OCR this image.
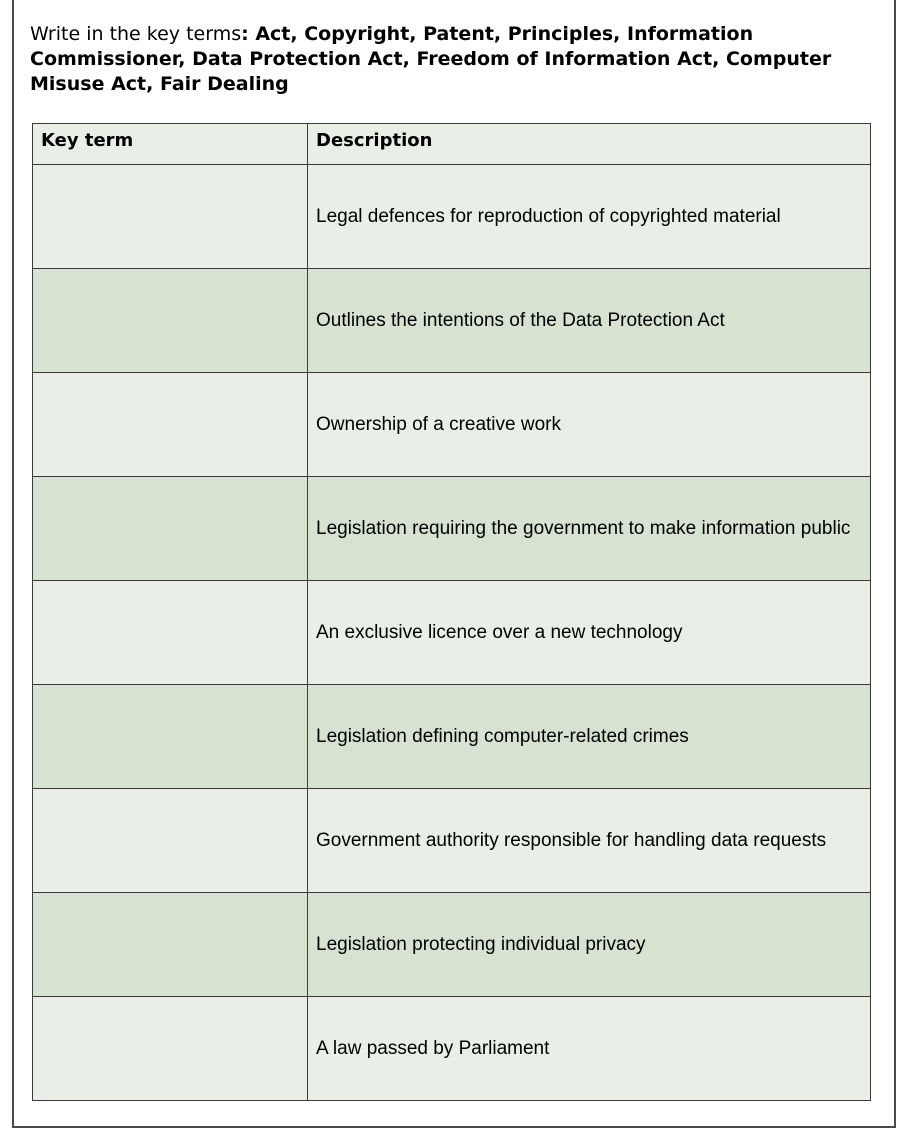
Write in the key terms: Act, Copyright, Patent, Principles, Information Commissioner, Data Protection Act, Freedom of Information Act, Computer Misuse Act, Fair Dealing
Key term	Description
	Legal defences for reproduction of copyrighted material
	Outlines the intentions of the Data Protection Act
	Ownership of a creative work
	Legislation requiring the government to make information public
	An exclusive licence over a new technology
	Legislation defining computer-related crimes
	Government authority responsible for handling data requests
	Legislation protecting individual privacy
	A law passed by Parliament
